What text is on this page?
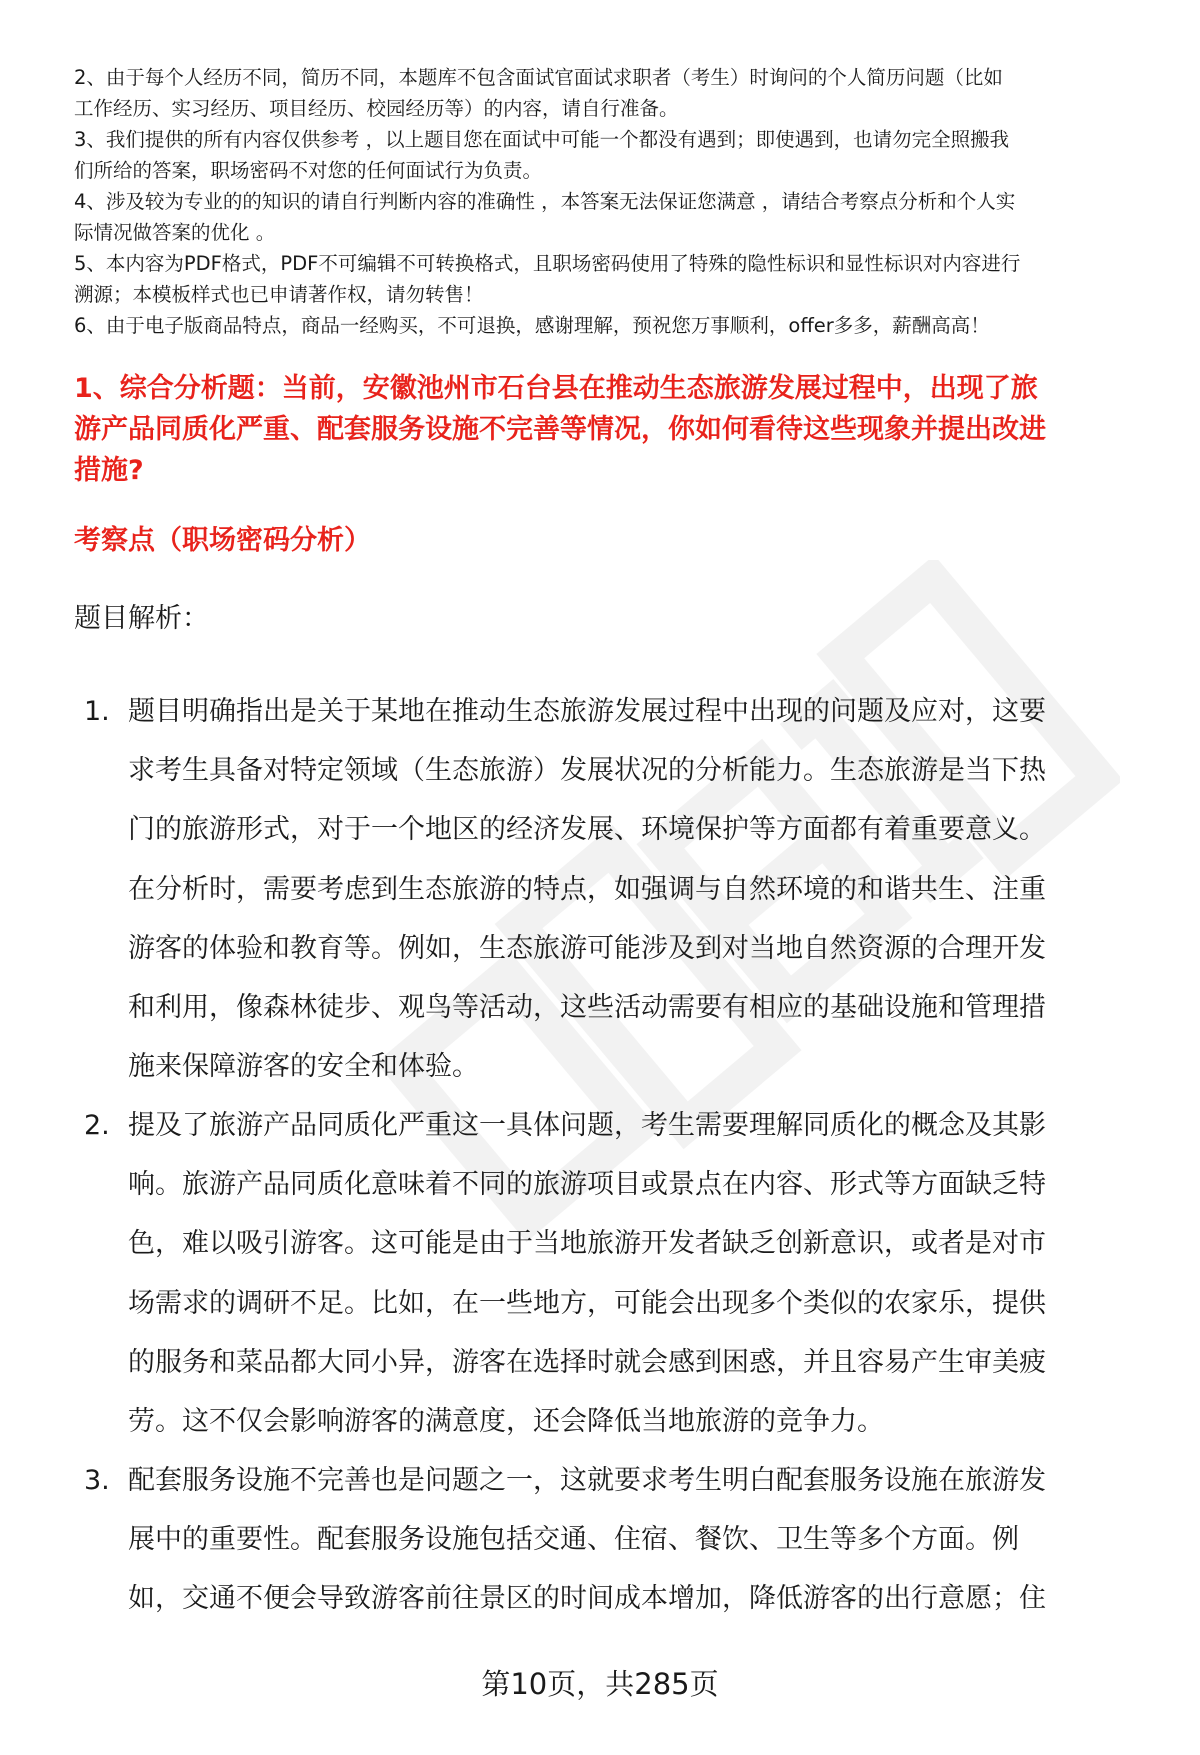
2、由于每个人经历不同，简历不同，本题库不包含面试官面试求职者（考生）时询问的个人简历问题（比如

工作经历、实习经历、项目经历、校园经历等）的内容，请自行准备。

3、我们提供的所有内容仅供参考 ，以上题目您在面试中可能一个都没有遇到；即使遇到，也请勿完全照搬我

们所给的答案，职场密码不对您的任何面试行为负责。

4、涉及较为专业的的知识的请自行判断内容的准确性 ，本答案无法保证您满意 ，请结合考察点分析和个人实

际情况做答案的优化 。

5、本内容为PDF格式，PDF不可编辑不可转换格式，且职场密码使用了特殊的隐性标识和显性标识对内容进行

溯源；本模板样式也已申请著作权，请勿转售！

6、由于电子版商品特点，商品一经购买，不可退换，感谢理解，预祝您万事顺利，offer多多，薪酬高高！

1、综合分析题：当前，安徽池州市石台县在推动生态旅游发展过程中，出现了旅

游产品同质化严重、配套服务设施不完善等情况，你如何看待这些现象并提出改进

措施?

考察点（职场密码分析）
题目解析：
1. 题目明确指出是关于某地在推动生态旅游发展过程中出现的问题及应对，这要

求考生具备对特定领域（生态旅游）发展状况的分析能力。生态旅游是当下热

门的旅游形式，对于一个地区的经济发展、环境保护等方面都有着重要意义。

在分析时，需要考虑到生态旅游的特点，如强调与自然环境的和谐共生、注重

游客的体验和教育等。例如，生态旅游可能涉及到对当地自然资源的合理开发

和利用，像森林徒步、观鸟等活动，这些活动需要有相应的基础设施和管理措

施来保障游客的安全和体验。

2. 提及了旅游产品同质化严重这一具体问题，考生需要理解同质化的概念及其影

响。旅游产品同质化意味着不同的旅游项目或景点在内容、形式等方面缺乏特

色，难以吸引游客。这可能是由于当地旅游开发者缺乏创新意识，或者是对市

场需求的调研不足。比如，在一些地方，可能会出现多个类似的农家乐，提供

的服务和菜品都大同小异，游客在选择时就会感到困惑，并且容易产生审美疲

劳。这不仅会影响游客的满意度，还会降低当地旅游的竞争力。

3. 配套服务设施不完善也是问题之一，这就要求考生明白配套服务设施在旅游发

展中的重要性。配套服务设施包括交通、住宿、餐饮、卫生等多个方面。例

如，交通不便会导致游客前往景区的时间成本增加，降低游客的出行意愿；住

第10页，共285页
